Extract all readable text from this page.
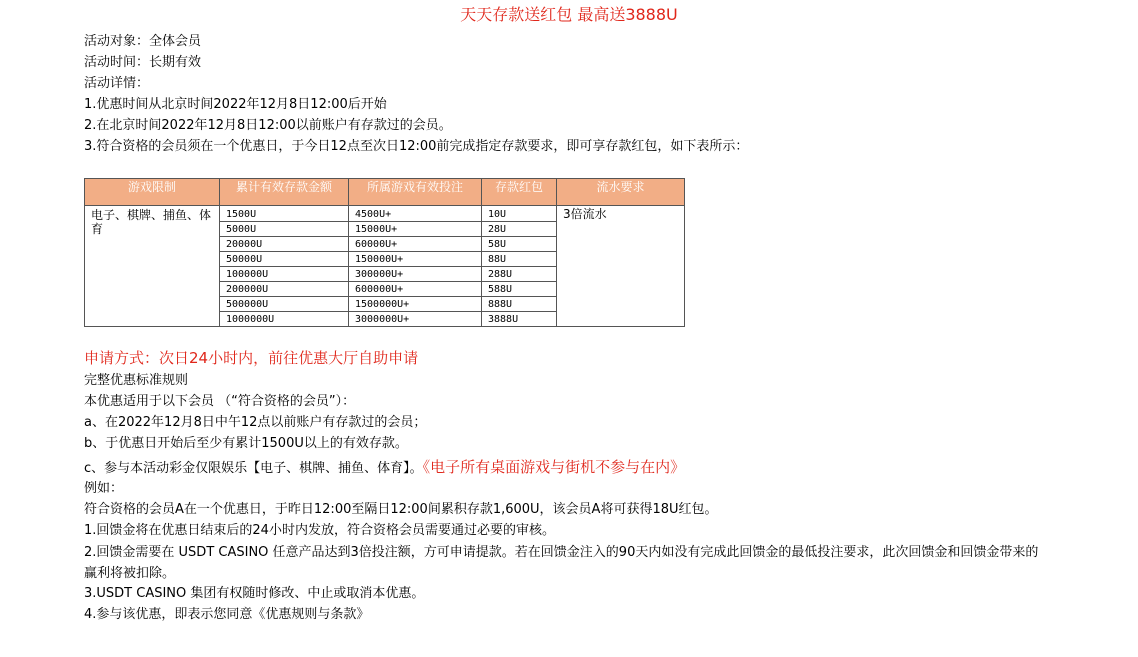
天天存款送红包 最高送3888U
活动对象：全体会员
活动时间：长期有效
活动详情：
1.优惠时间从北京时间2022年12月8日12:00后开始
2.在北京时间2022年12月8日12:00以前账户有存款过的会员。
3.符合资格的会员须在一个优惠日，于今日12点至次日12:00前完成指定存款要求，即可享存款红包，如下表所示：
游戏限制	累计有效存款金额	所属游戏有效投注	存款红包	流水要求
电子、棋牌、捕鱼、体育	1500U	4500U+	10U	3倍流水
	5000U	15000U+	28U	
	20000U	60000U+	58U	
	50000U	150000U+	88U	
	100000U	300000U+	288U	
	200000U	600000U+	588U	
	500000U	1500000U+	888U	
	1000000U	3000000U+	3888U	
申请方式：次日24小时内，前往优惠大厅自助申请
完整优惠标准规则
本优惠适用于以下会员 （“符合资格的会员”）：
a、在2022年12月8日中午12点以前账户有存款过的会员；
b、于优惠日开始后至少有累计1500U以上的有效存款。
c、参与本活动彩金仅限娱乐【电子、棋牌、捕鱼、体育】。《电子所有桌面游戏与街机不参与在内》
例如：
符合资格的会员A在一个优惠日，于昨日12:00至隔日12:00间累积存款1,600U，该会员A将可获得18U红包。
1.回馈金将在优惠日结束后的24小时内发放，符合资格会员需要通过必要的审核。
2.回馈金需要在 USDT CASINO 任意产品达到3倍投注额，方可申请提款。若在回馈金注入的90天内如没有完成此回馈金的最低投注要求，此次回馈金和回馈金带来的赢利将被扣除。
3.USDT CASINO 集团有权随时修改、中止或取消本优惠。
4.参与该优惠，即表示您同意《优惠规则与条款》
